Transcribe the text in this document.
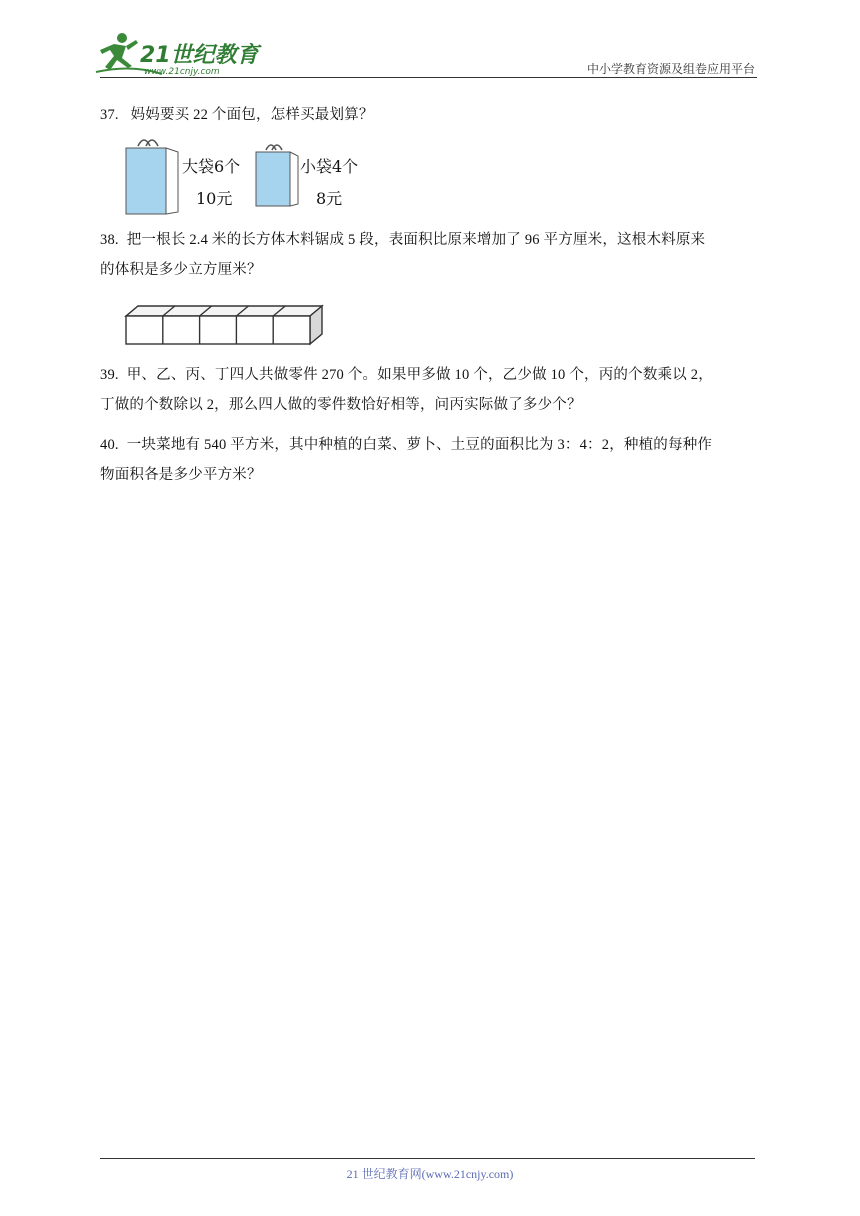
21世纪教育
www.21cnjy.com	中小学教育资源及组卷应用平台
37. 妈妈要买 22 个面包，怎样买最划算？
大袋6个
10元
小袋4个
8元
38. 把一根长 2.4 米的长方体木料锯成 5 段，表面积比原来增加了 96 平方厘米，这根木料原来
的体积是多少立方厘米？
39. 甲、乙、丙、丁四人共做零件 270 个。如果甲多做 10 个，乙少做 10 个，丙的个数乘以 2，
丁做的个数除以 2，那么四人做的零件数恰好相等，问丙实际做了多少个？
40. 一块菜地有 540 平方米，其中种植的白菜、萝卜、土豆的面积比为 3：4：2，种植的每种作
物面积各是多少平方米？
21 世纪教育网(www.21cnjy.com)
